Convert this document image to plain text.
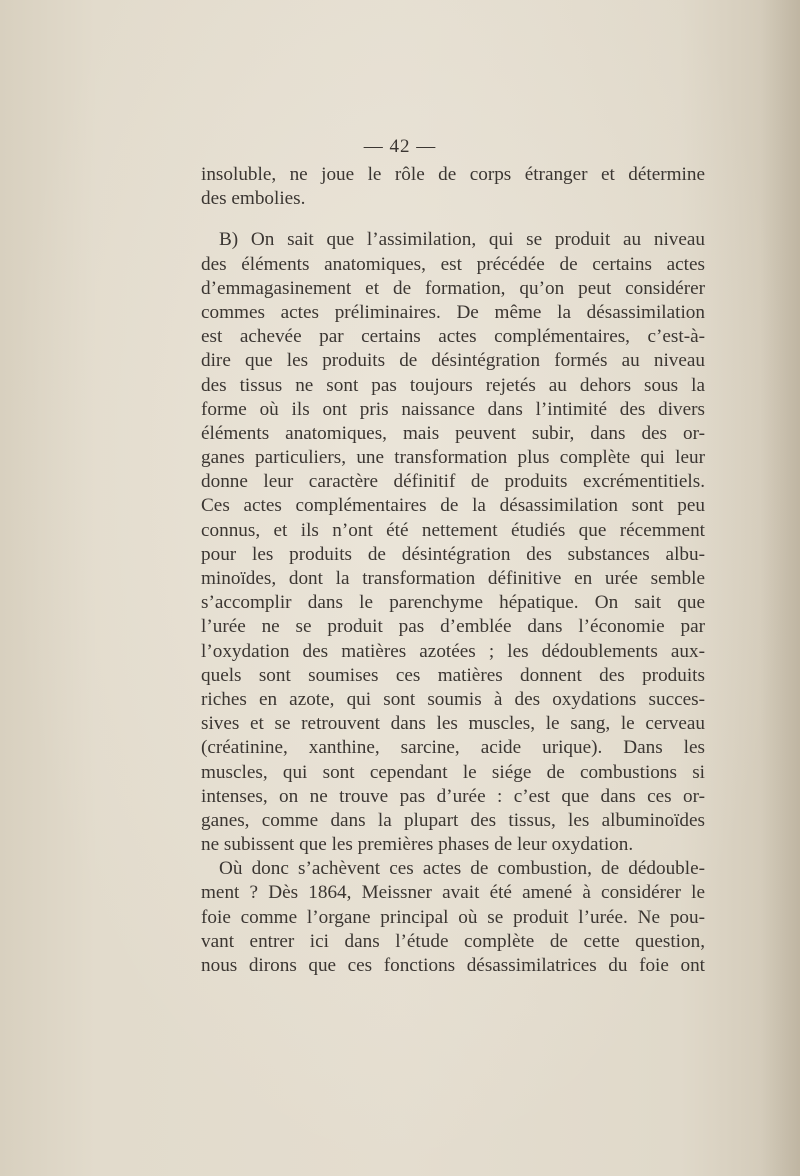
— 42 —
insoluble, ne joue le rôle de corps étranger et détermine
des embolies.
B) On sait que l’assimilation, qui se produit au niveau
des éléments anatomiques, est précédée de certains actes
d’emmagasinement et de formation, qu’on peut considérer
commes actes préliminaires. De même la désassimilation
est achevée par certains actes complémentaires, c’est-à-
dire que les produits de désintégration formés au niveau
des tissus ne sont pas toujours rejetés au dehors sous la
forme où ils ont pris naissance dans l’intimité des divers
éléments anatomiques, mais peuvent subir, dans des or-
ganes particuliers, une transformation plus complète qui leur
donne leur caractère définitif de produits excrémentitiels.
Ces actes complémentaires de la désassimilation sont peu
connus, et ils n’ont été nettement étudiés que récemment
pour les produits de désintégration des substances albu-
minoïdes, dont la transformation définitive en urée semble
s’accomplir dans le parenchyme hépatique. On sait que
l’urée ne se produit pas d’emblée dans l’économie par
l’oxydation des matières azotées ; les dédoublements aux-
quels sont soumises ces matières donnent des produits
riches en azote, qui sont soumis à des oxydations succes-
sives et se retrouvent dans les muscles, le sang, le cerveau
(créatinine, xanthine, sarcine, acide urique). Dans les
muscles, qui sont cependant le siége de combustions si
intenses, on ne trouve pas d’urée : c’est que dans ces or-
ganes, comme dans la plupart des tissus, les albuminoïdes
ne subissent que les premières phases de leur oxydation.
Où donc s’achèvent ces actes de combustion, de dédouble-
ment ? Dès 1864, Meissner avait été amené à considérer le
foie comme l’organe principal où se produit l’urée. Ne pou-
vant entrer ici dans l’étude complète de cette question,
nous dirons que ces fonctions désassimilatrices du foie ont
